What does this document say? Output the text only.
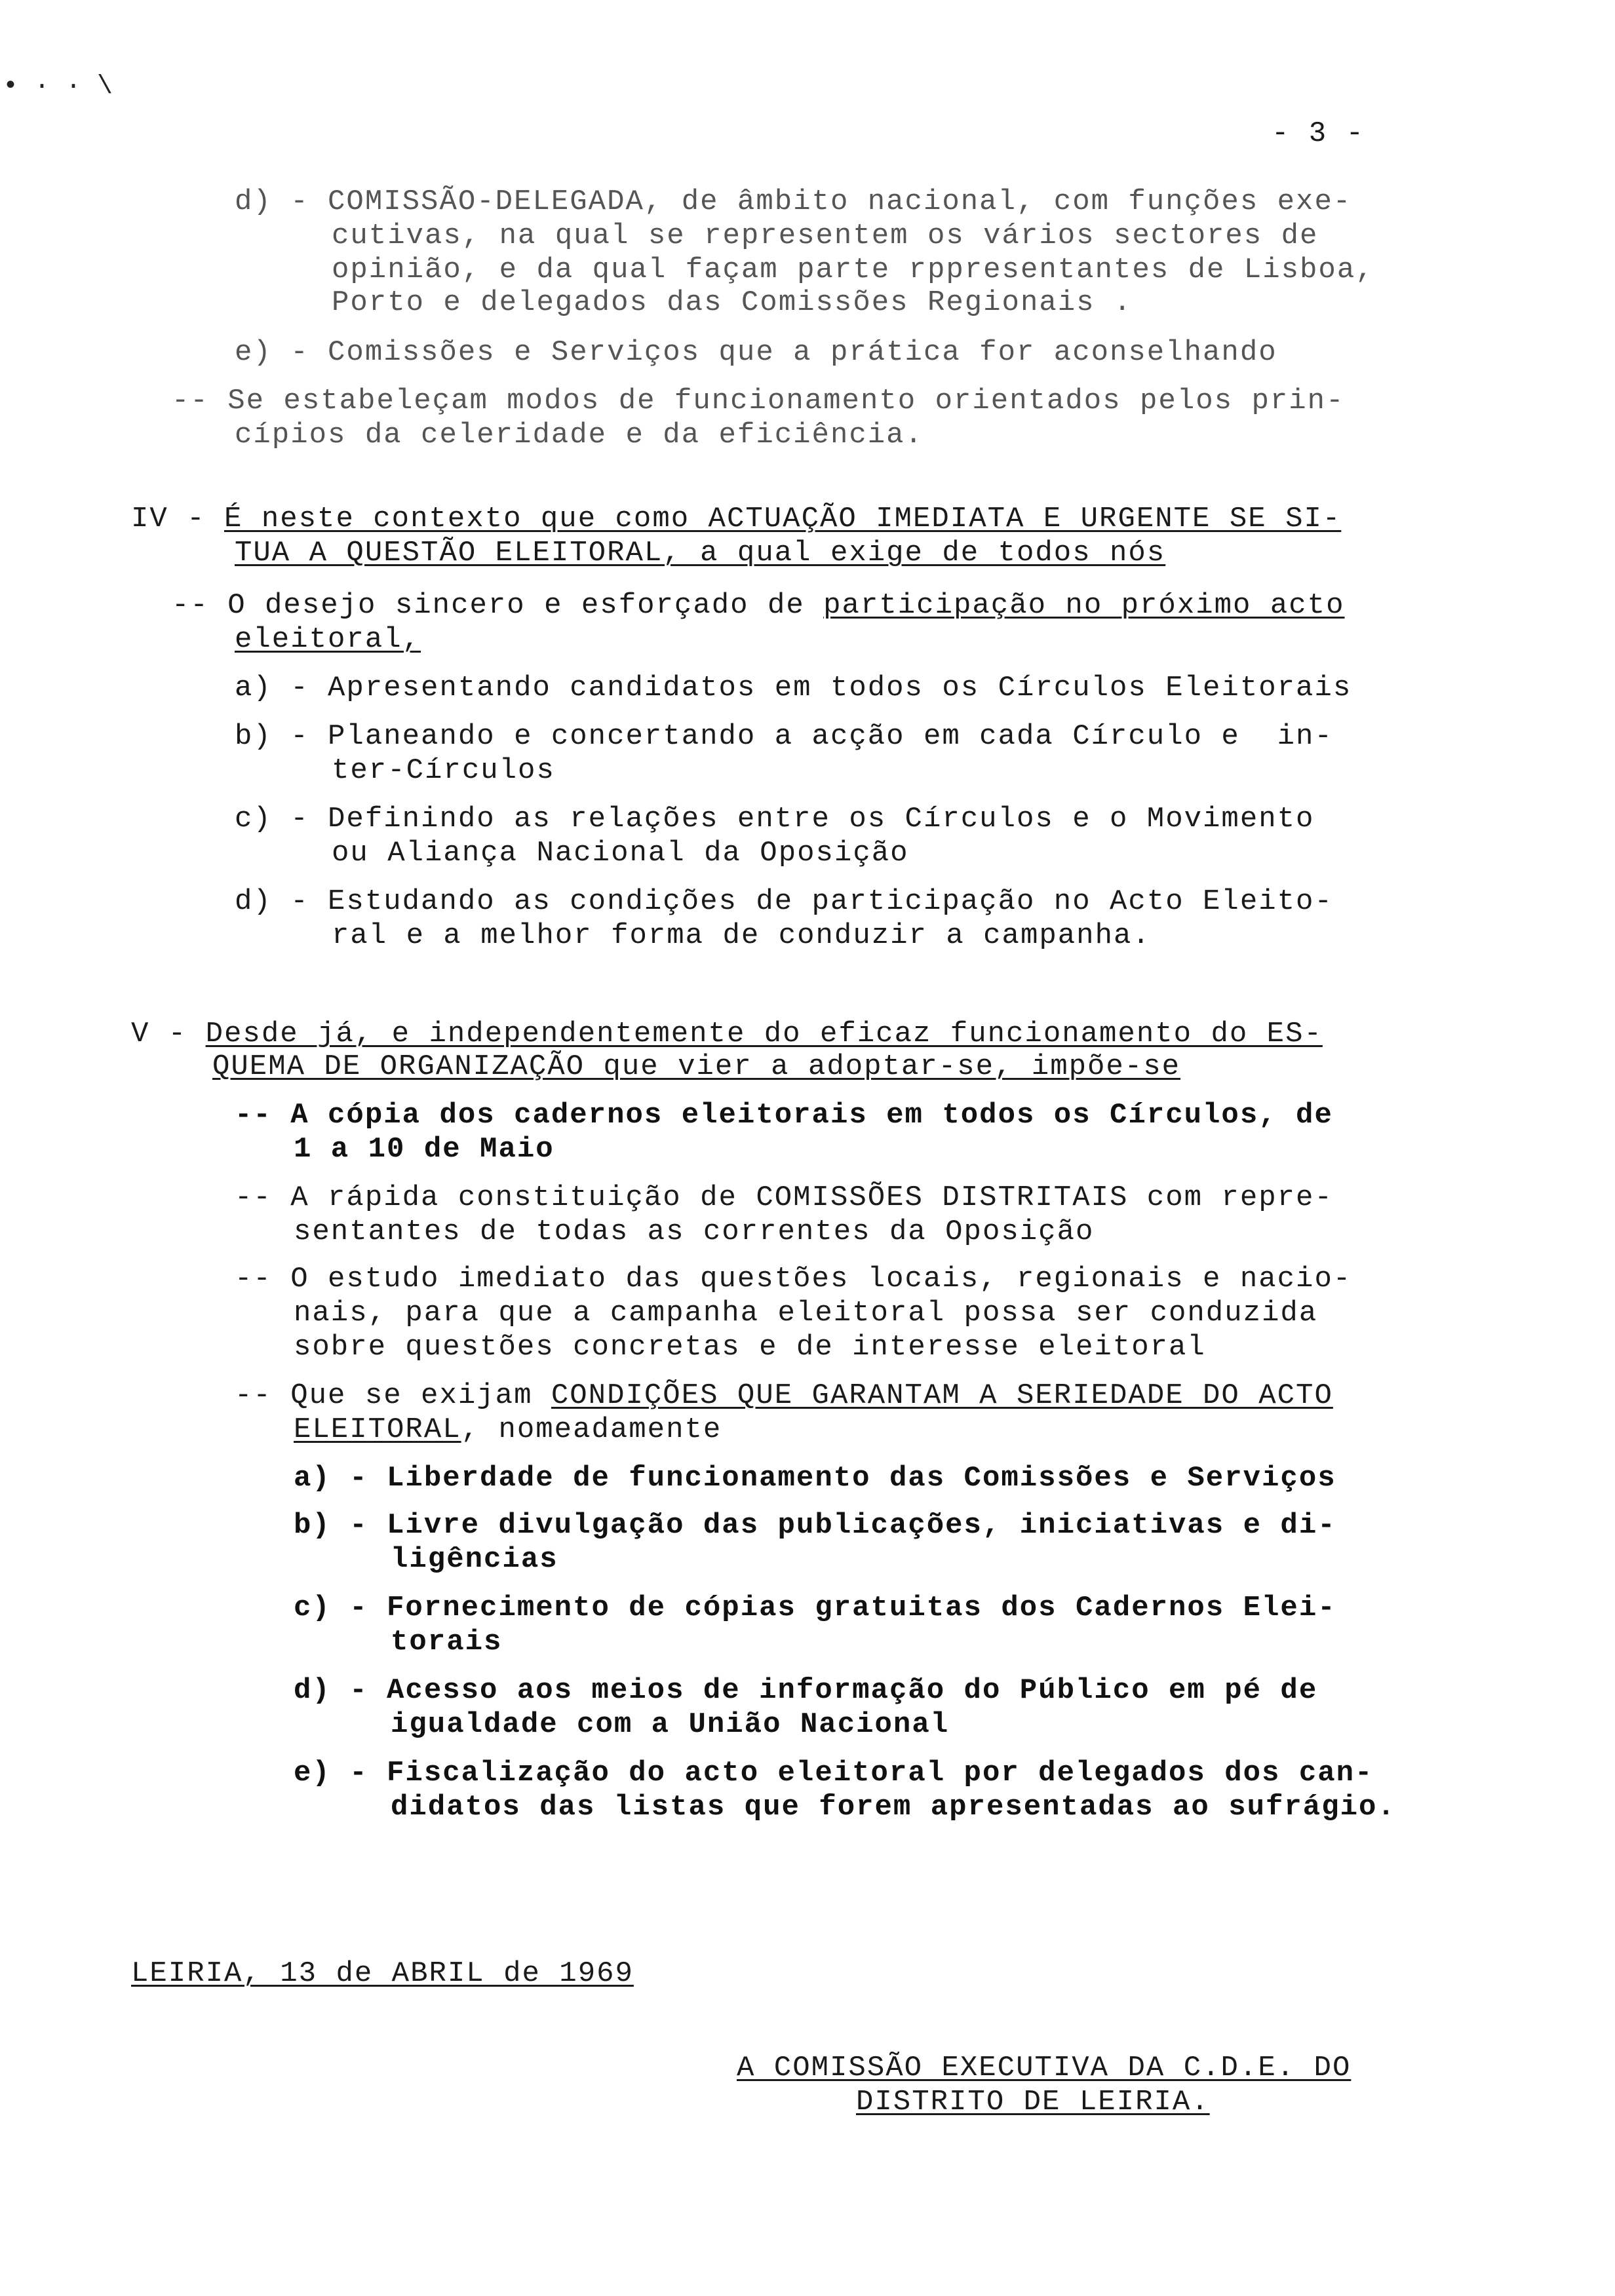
• · · \
- 3 -
d) - COMISSÃO-DELEGADA, de âmbito nacional, com funções exe-
cutivas, na qual se representem os vários sectores de
opinião, e da qual façam parte rppresentantes de Lisboa,
Porto e delegados das Comissões Regionais .
e) - Comissões e Serviços que a prática for aconselhando
-- Se estabeleçam modos de funcionamento orientados pelos prin-
cípios da celeridade e da eficiência.
IV - É neste contexto que como ACTUAÇÃO IMEDIATA E URGENTE SE SI-
TUA A QUESTÃO ELEITORAL, a qual exige de todos nós
-- O desejo sincero e esforçado de participação no próximo acto
eleitoral,
a) - Apresentando candidatos em todos os Círculos Eleitorais
b) - Planeando e concertando a acção em cada Círculo e  in-
ter-Círculos
c) - Definindo as relações entre os Círculos e o Movimento
ou Aliança Nacional da Oposição
d) - Estudando as condições de participação no Acto Eleito-
ral e a melhor forma de conduzir a campanha.
V - Desde já, e independentemente do eficaz funcionamento do ES-
QUEMA DE ORGANIZAÇÃO que vier a adoptar-se, impõe-se
-- A cópia dos cadernos eleitorais em todos os Círculos, de
1 a 10 de Maio
-- A rápida constituição de COMISSÕES DISTRITAIS com repre-
sentantes de todas as correntes da Oposição
-- O estudo imediato das questões locais, regionais e nacio-
nais, para que a campanha eleitoral possa ser conduzida
sobre questões concretas e de interesse eleitoral
-- Que se exijam CONDIÇÕES QUE GARANTAM A SERIEDADE DO ACTO
ELEITORAL, nomeadamente
a) - Liberdade de funcionamento das Comissões e Serviços
b) - Livre divulgação das publicações, iniciativas e di-
ligências
c) - Fornecimento de cópias gratuitas dos Cadernos Elei-
torais
d) - Acesso aos meios de informação do Público em pé de
igualdade com a União Nacional
e) - Fiscalização do acto eleitoral por delegados dos can-
didatos das listas que forem apresentadas ao sufrágio.
LEIRIA, 13 de ABRIL de 1969
A COMISSÃO EXECUTIVA DA C.D.E. DO
DISTRITO DE LEIRIA.
